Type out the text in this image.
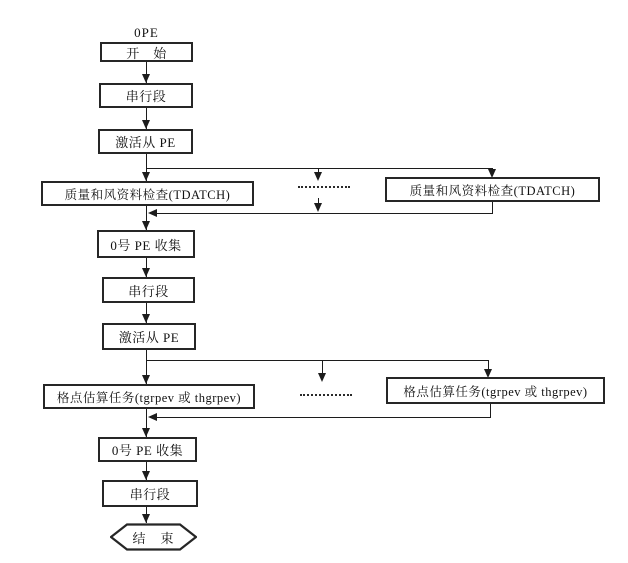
0PE
开　始
串行段
激活从 PE
质量和风资料检查(TDATCH)	质量和风资料检查(TDATCH)
0号 PE 收集
串行段
激活从 PE
格点估算任务(tgrpev 或 thgrpev)	格点估算任务(tgrpev 或 thgrpev)
0号 PE 收集
串行段
结　束
